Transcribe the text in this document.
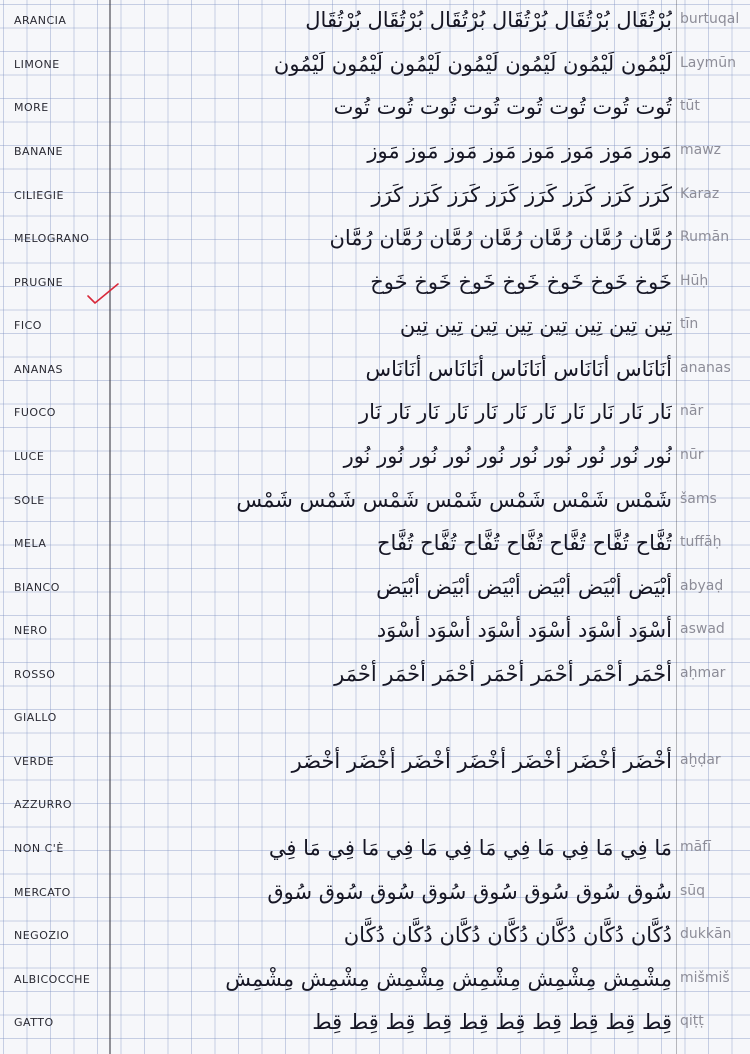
ARANCIA	بُرْتُقَال بُرْتُقَال بُرْتُقَال بُرْتُقَال بُرْتُقَال بُرْتُقَال burtuqal
LIMONE	لَيْمُون لَيْمُون لَيْمُون لَيْمُون لَيْمُون لَيْمُون لَيْمُون Laymūn
MORE	تُوت تُوت تُوت تُوت تُوت تُوت تُوت تُوت tūt
BANANE	مَوز مَوز مَوز مَوز مَوز مَوز مَوز مَوز mawz
CILIEGIE	كَرَز كَرَز كَرَز كَرَز كَرَز كَرَز كَرَز كَرَز Karaz
MELOGRANO	رُمَّان رُمَّان رُمَّان رُمَّان رُمَّان رُمَّان رُمَّان Rumān
PRUGNE	خَوخ خَوخ خَوخ خَوخ خَوخ خَوخ خَوخ Hūḥ
FICO	تِين تِين تِين تِين تِين تِين تِين تِين tīn
ANANAS	أنَانَاس أنَانَاس أنَانَاس أنَانَاس أنَانَاس ananas
FUOCO	نَار نَار نَار نَار نَار نَار نَار نَار نَار نَار نَار nār
LUCE	نُور نُور نُور نُور نُور نُور نُور نُور نُور نُور nūr
SOLE	شَمْس شَمْس شَمْس شَمْس شَمْس شَمْس شَمْس šams
MELA	تُفَّاح تُفَّاح تُفَّاح تُفَّاح تُفَّاح تُفَّاح تُفَّاح tuffāḥ
BIANCO	أبْيَض أبْيَض أبْيَض أبْيَض أبْيَض أبْيَض abyaḍ
NERO	أسْوَد أسْوَد أسْوَد أسْوَد أسْوَد أسْوَد aswad
ROSSO	أحْمَر أحْمَر أحْمَر أحْمَر أحْمَر أحْمَر أحْمَر aḥmar
GIALLO
VERDE	أخْضَر أخْضَر أخْضَر أخْضَر أخْضَر أخْضَر أخْضَر aḫḍar
AZZURRO
NON C'È	مَا فِي مَا فِي مَا فِي مَا فِي مَا فِي مَا فِي مَا فِي māfī
MERCATO	سُوق سُوق سُوق سُوق سُوق سُوق سُوق سُوق sūq
NEGOZIO	دُكَّان دُكَّان دُكَّان دُكَّان دُكَّان دُكَّان دُكَّان dukkān
ALBICOCCHE	مِشْمِش مِشْمِش مِشْمِش مِشْمِش مِشْمِش مِشْمِش mišmiš
GATTO	قِط قِط قِط قِط قِط قِط قِط قِط قِط قِط qiṭṭ
